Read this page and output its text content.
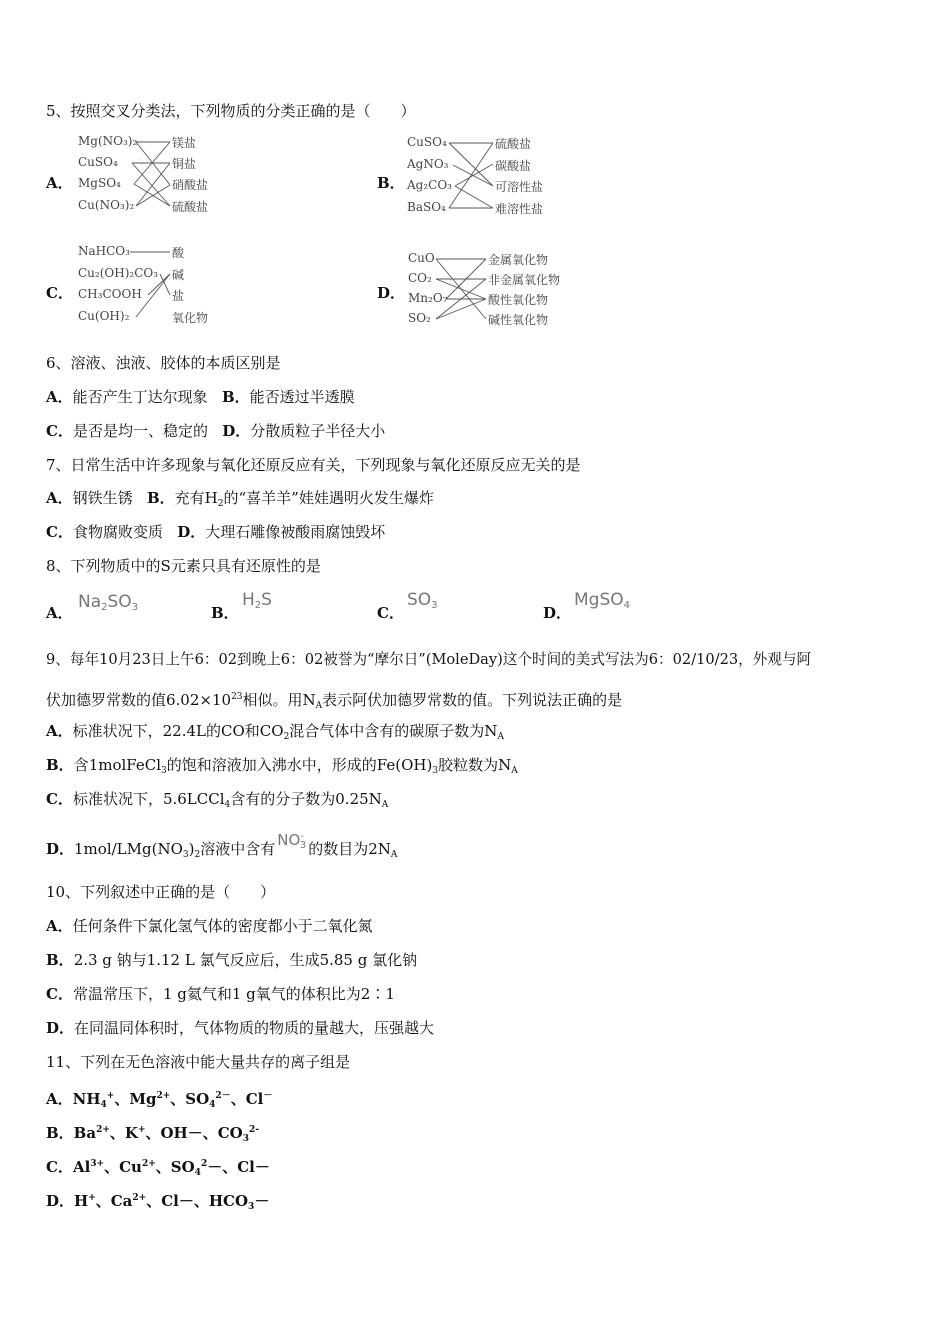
5、按照交叉分类法，下列物质的分类正确的是（　　）
A．
Mg(NO₃)₂
CuSO₄
MgSO₄
Cu(NO₃)₂
镁盐
铜盐
硝酸盐
硫酸盐
B．
CuSO₄
AgNO₃
Ag₂CO₃
BaSO₄
硫酸盐
碳酸盐
可溶性盐
难溶性盐
C．
NaHCO₃
Cu₂(OH)₂CO₃
CH₃COOH
Cu(OH)₂
酸
碱
盐
氧化物
D．
CuO
CO₂
Mn₂O₇
SO₂
金属氧化物
非金属氧化物
酸性氧化物
碱性氧化物
6、溶液、浊液、胶体的本质区别是
A．能否产生丁达尔现象 B．能否透过半透膜
C．是否是均一、稳定的 D．分散质粒子半径大小
7、日常生活中许多现象与氧化还原反应有关，下列现象与氧化还原反应无关的是
A．钢铁生锈 B．充有$H_2$的“喜羊羊”娃娃遇明火发生爆炸
C．食物腐败变质 D．大理石雕像被酸雨腐蚀毁坏
8、下列物质中的S元素只具有还原性的是
A．
Na2SO3	B．
H2S
C．
SO3	D．
MgSO4
9、每年10月23日上午6：02到晚上6：02被誉为“摩尔日”(MoleDay)这个时间的美式写法为6：02/10/23，外观与阿
伏加德罗常数的值$6.02\times 10^{23}$相似。用$N_A$表示阿伏加德罗常数的值。下列说法正确的是
A．标准状况下，22.4L的CO和$CO_2$混合气体中含有的碳原子数为$N_A$
B．含1molFeCl$_3$的饱和溶液加入沸水中，形成的$Fe(OH)_3$胶粒数为$N_A$
C．标准状况下，5.6LCCl$_4$含有的分子数为$0.25N_A$
D．$1mol/LMg(NO_3)_2$溶液中含有 $NO^-_3$ 的数目为$2N_A$
10、下列叙述中正确的是（　　）
A．任何条件下氯化氢气体的密度都小于二氧化氮
B．2.3 g 钠与1.12 L 氯气反应后，生成5.85 g 氯化钠
C．常温常压下，1 g氦气和1 g氧气的体积比为2∶1
D．在同温同体积时，气体物质的物质的量越大，压强越大
11、下列在无色溶液中能大量共存的离子组是
A．$NH_4^+$、$Mg^{2+}$、$SO_4^{2-}$、Cl－
B．$Ba^{2+}$、K+、OH－、$CO_3^{2-}$
C．$Al^{3+}$、$Cu^{2+}$、$SO_4^2-$、Cl－
D．H+、$Ca^{2+}$、Cl－、$HCO_3-$
